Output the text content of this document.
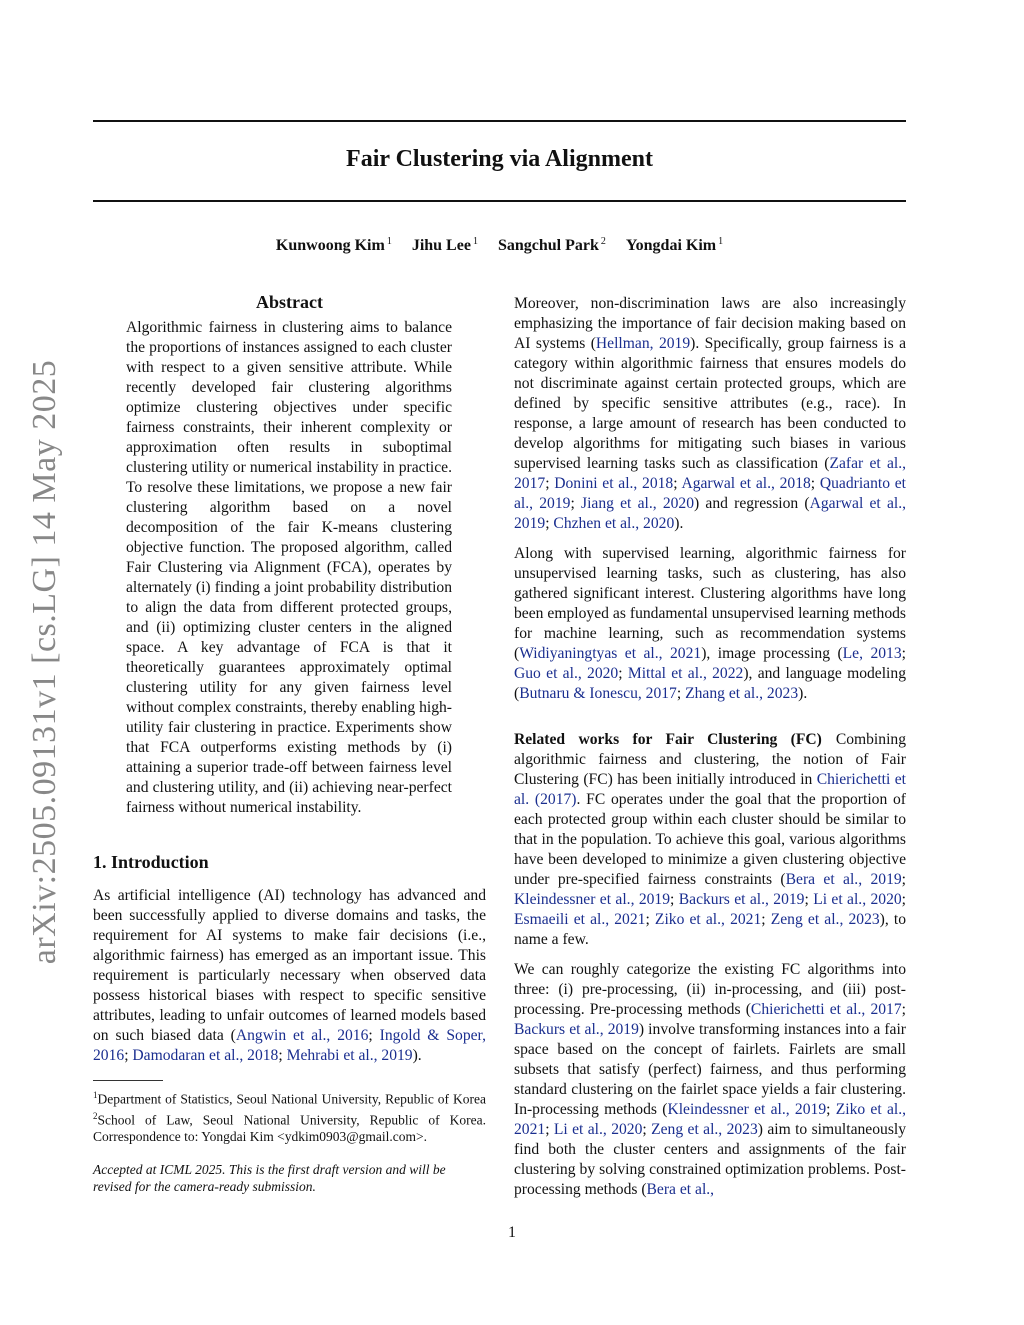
Fair Clustering via Alignment
Kunwoong Kim $^1$ Jihu Lee $^1$ Sangchul Park $^2$ Yongdai Kim $^1$
arXiv:2505.09131v1 [cs.LG] 14 May 2025
Abstract

Algorithmic fairness in clustering aims to balance the proportions of instances assigned to each cluster with respect to a given sensitive attribute. While recently developed fair clustering algorithms optimize clustering objectives under specific fairness constraints, their inherent complexity or approximation often results in suboptimal clustering utility or numerical instability in practice. To resolve these limitations, we propose a new fair clustering algorithm based on a novel decomposition of the fair K-means clustering objective function. The proposed algorithm, called Fair Clustering via Alignment (FCA), operates by alternately (i) finding a joint probability distribution to align the data from different protected groups, and (ii) optimizing cluster centers in the aligned space. A key advantage of FCA is that it theoretically guarantees approximately optimal clustering utility for any given fairness level without complex constraints, thereby enabling high-utility fair clustering in practice. Experiments show that FCA outperforms existing methods by (i) attaining a superior trade-off between fairness level and clustering utility, and (ii) achieving near-perfect fairness without numerical instability.

1. Introduction

As artificial intelligence (AI) technology has advanced and been successfully applied to diverse domains and tasks, the requirement for AI systems to make fair decisions (i.e., algorithmic fairness) has emerged as an important issue. This requirement is particularly necessary when observed data possess historical biases with respect to specific sensitive attributes, leading to unfair outcomes of learned models based on such biased data (Angwin et al., 2016; Ingold & Soper, 2016; Damodaran et al., 2018; Mehrabi et al., 2019).

$^1$Department of Statistics, Seoul National University, Republic of Korea $^2$School of Law, Seoul National University, Republic of Korea. Correspondence to: Yongdai Kim <ydkim0903@gmail.com>.

Accepted at ICML 2025. This is the first draft version and will be revised for the camera-ready submission.

Moreover, non-discrimination laws are also increasingly emphasizing the importance of fair decision making based on AI systems (Hellman, 2019). Specifically, group fairness is a category within algorithmic fairness that ensures models do not discriminate against certain protected groups, which are defined by specific sensitive attributes (e.g., race). In response, a large amount of research has been conducted to develop algorithms for mitigating such biases in various supervised learning tasks such as classification (Zafar et al., 2017; Donini et al., 2018; Agarwal et al., 2018; Quadrianto et al., 2019; Jiang et al., 2020) and regression (Agarwal et al., 2019; Chzhen et al., 2020).

Along with supervised learning, algorithmic fairness for unsupervised learning tasks, such as clustering, has also gathered significant interest. Clustering algorithms have long been employed as fundamental unsupervised learning methods for machine learning, such as recommendation systems (Widiyaningtyas et al., 2021), image processing (Le, 2013; Guo et al., 2020; Mittal et al., 2022), and language modeling (Butnaru & Ionescu, 2017; Zhang et al., 2023).

Related works for Fair Clustering (FC) Combining algorithmic fairness and clustering, the notion of Fair Clustering (FC) has been initially introduced in Chierichetti et al. (2017). FC operates under the goal that the proportion of each protected group within each cluster should be similar to that in the population. To achieve this goal, various algorithms have been developed to minimize a given clustering objective under pre-specified fairness constraints (Bera et al., 2019; Kleindessner et al., 2019; Backurs et al., 2019; Li et al., 2020; Esmaeili et al., 2021; Ziko et al., 2021; Zeng et al., 2023), to name a few.

We can roughly categorize the existing FC algorithms into three: (i) pre-processing, (ii) in-processing, and (iii) post-processing. Pre-processing methods (Chierichetti et al., 2017; Backurs et al., 2019) involve transforming instances into a fair space based on the concept of fairlets. Fairlets are small subsets that satisfy (perfect) fairness, and thus performing standard clustering on the fairlet space yields a fair clustering. In-processing methods (Kleindessner et al., 2019; Ziko et al., 2021; Li et al., 2020; Zeng et al., 2023) aim to simultaneously find both the cluster centers and assignments of the fair clustering by solving constrained optimization problems. Post-processing methods (Bera et al.,

1
